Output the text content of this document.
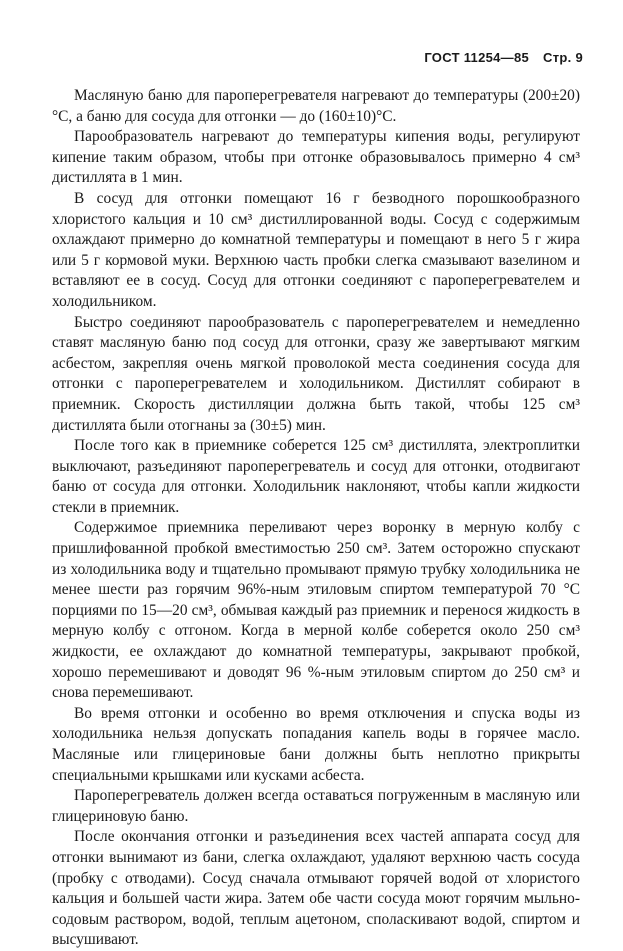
ГОСТ 11254—85 Стр. 9

Масляную баню для пароперегревателя нагревают до температуры (200±20) °С, а баню для сосуда для отгонки — до (160±10)°С.

Парообразователь нагревают до температуры кипения воды, регулируют кипение таким образом, чтобы при отгонке образовывалось примерно 4 см³ дистиллята в 1 мин.

В сосуд для отгонки помещают 16 г безводного порошкообразного хлористого кальция и 10 см³ дистиллированной воды. Сосуд с содержимым охлаждают примерно до комнатной температуры и помещают в него 5 г жира или 5 г кормовой муки. Верхнюю часть пробки слегка смазывают вазелином и вставляют ее в сосуд. Сосуд для отгонки соединяют с пароперегревателем и холодильником.

Быстро соединяют парообразователь с пароперегревателем и немедленно ставят масляную баню под сосуд для отгонки, сразу же завертывают мягким асбестом, закрепляя очень мягкой проволокой места соединения сосуда для отгонки с пароперегревателем и холодильником. Дистиллят собирают в приемник. Скорость дистилляции должна быть такой, чтобы 125 см³ дистиллята были отогнаны за (30±5) мин.

После того как в приемнике соберется 125 см³ дистиллята, электроплитки выключают, разъединяют пароперегреватель и сосуд для отгонки, отодвигают баню от сосуда для отгонки. Холодильник наклоняют, чтобы капли жидкости стекли в приемник.

Содержимое приемника переливают через воронку в мерную колбу с пришлифованной пробкой вместимостью 250 см³. Затем осторожно спускают из холодильника воду и тщательно промывают прямую трубку холодильника не менее шести раз горячим 96%-ным этиловым спиртом температурой 70 °С порциями по 15—20 см³, обмывая каждый раз приемник и перенося жидкость в мерную колбу с отгоном. Когда в мерной колбе соберется около 250 см³ жидкости, ее охлаждают до комнатной температуры, закрывают пробкой, хорошо перемешивают и доводят 96 %-ным этиловым спиртом до 250 см³ и снова перемешивают.

Во время отгонки и особенно во время отключения и спуска воды из холодильника нельзя допускать попадания капель воды в горячее масло. Масляные или глицериновые бани должны быть неплотно прикрыты специальными крышками или кусками асбеста.

Пароперегреватель должен всегда оставаться погруженным в масляную или глицериновую баню.

После окончания отгонки и разъединения всех частей аппарата сосуд для отгонки вынимают из бани, слегка охлаждают, удаляют верхнюю часть сосуда (пробку с отводами). Сосуд сначала отмывают горячей водой от хлористого кальция и большей части жира. Затем обе части сосуда моют горячим мыльно-содовым раствором, водой, теплым ацетоном, споласкивают водой, спиртом и высушивают.
